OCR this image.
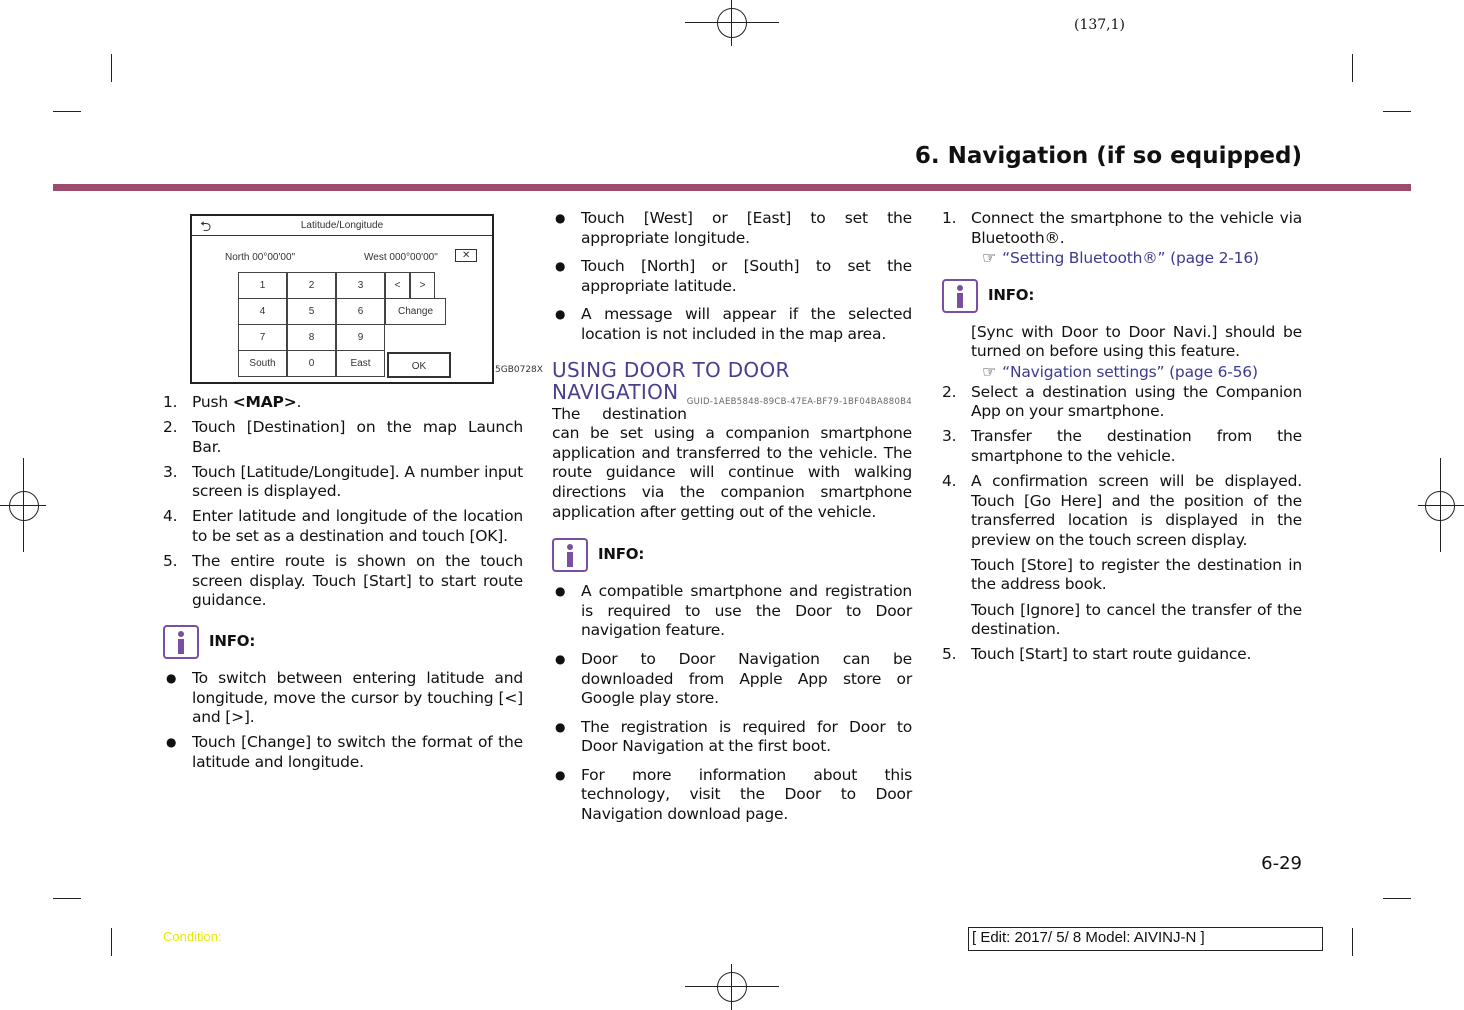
(137,1)
6. Navigation (if so equipped)
⮌	Latitude/Longitude
North 00°00'00"	West 000°00'00"	✕
1	2	3	<	>
4	5	6	Change
7	8	9
South	0	East	OK	5GB0728X
1. Push <MAP>.
2. Touch [Destination] on the map Launch Bar.
3. Touch [Latitude/Longitude]. A number input screen is displayed.
4. Enter latitude and longitude of the location to be set as a destination and touch [OK].
5. The entire route is shown on the touch screen display. Touch [Start] to start route guidance.
INFO:
● To switch between entering latitude and longitude, move the cursor by touching [<] and [>].
● Touch [Change] to switch the format of the latitude and longitude.
● Touch [West] or [East] to set the appropriate longitude.
● Touch [North] or [South] to set the appropriate latitude.
● A message will appear if the selected location is not included in the map area.
USING DOOR TO DOOR NAVIGATION GUID-1AEB5848-89CB-47EA-BF79-1BF04BA880B4
The destination can be set using a companion smartphone application and transferred to the vehicle. The route guidance will continue with walking directions via the companion smartphone application after getting out of the vehicle.
INFO:
● A compatible smartphone and registration is required to use the Door to Door navigation feature.
● Door to Door Navigation can be downloaded from Apple App store or Google play store.
● The registration is required for Door to Door Navigation at the first boot.
● For more information about this technology, visit the Door to Door Navigation download page.
1. Connect the smartphone to the vehicle via Bluetooth®.
☞ “Setting Bluetooth®” (page 2-16)
INFO:
[Sync with Door to Door Navi.] should be turned on before using this feature.
☞ “Navigation settings” (page 6-56)
2. Select a destination using the Companion App on your smartphone.
3. Transfer the destination from the smartphone to the vehicle.
4. A confirmation screen will be displayed. Touch [Go Here] and the position of the transferred location is displayed in the preview on the touch screen display.
Touch [Store] to register the destination in the address book.
Touch [Ignore] to cancel the transfer of the destination.
5. Touch [Start] to start route guidance.
6-29
Condition:	[ Edit: 2017/ 5/ 8 Model: AIVINJ-N ]
